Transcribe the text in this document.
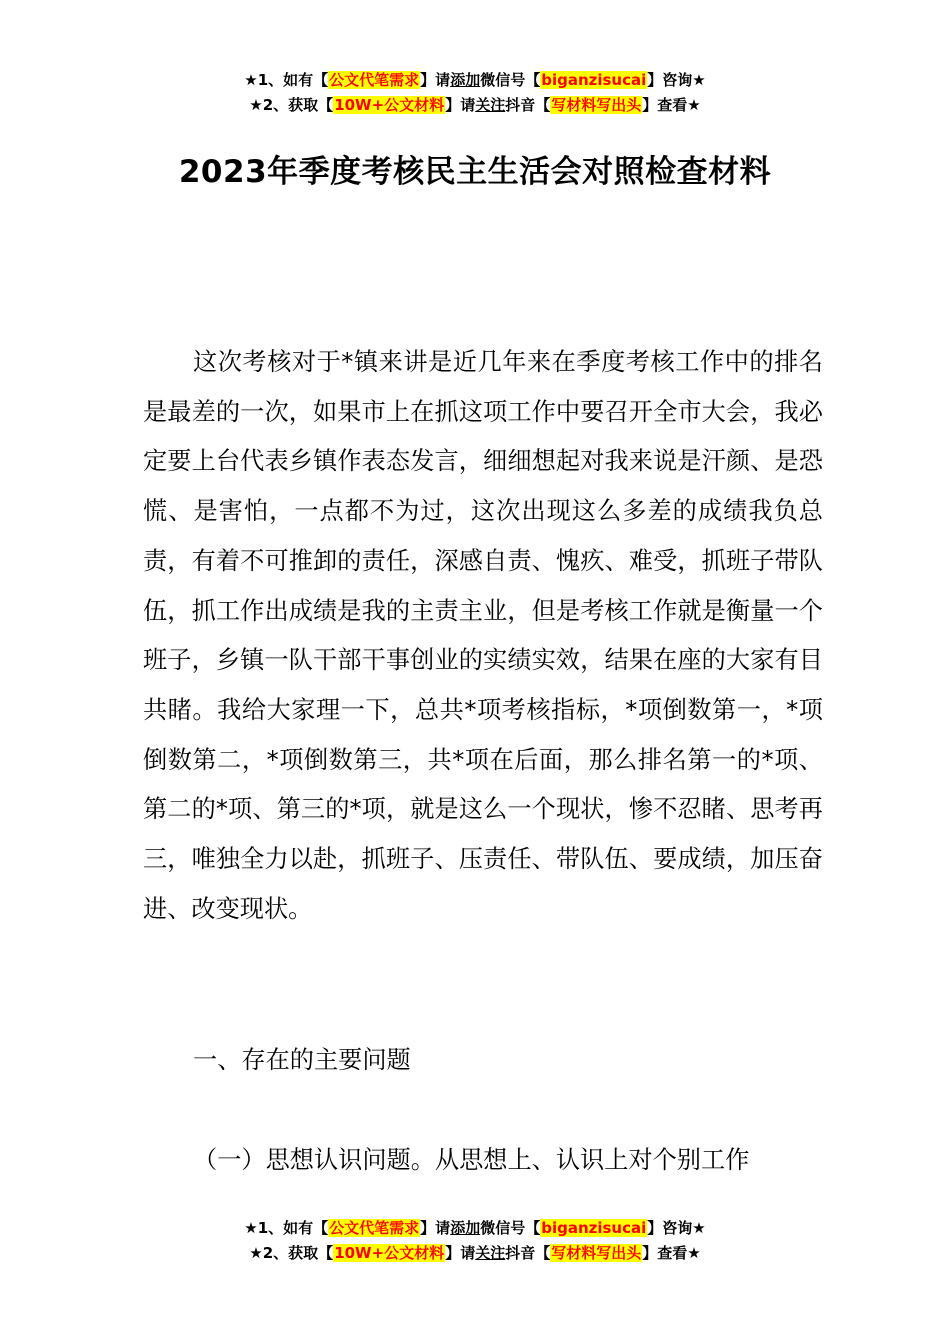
★1、如有【公文代笔需求】请添加微信号【biganzisucai】咨询★
★2、获取【10W+公文材料】请关注抖音【写材料写出头】查看★
2023年季度考核民主生活会对照检查材料
这次考核对于*镇来讲是近几年来在季度考核工作中的排名是最差的一次，如果市上在抓这项工作中要召开全市大会，我必定要上台代表乡镇作表态发言，细细想起对我来说是汗颜、是恐慌、是害怕，一点都不为过，这次出现这么多差的成绩我负总责，有着不可推卸的责任，深感自责、愧疚、难受，抓班子带队伍，抓工作出成绩是我的主责主业，但是考核工作就是衡量一个班子，乡镇一队干部干事创业的实绩实效，结果在座的大家有目共睹。我给大家理一下，总共*项考核指标，*项倒数第一，*项倒数第二，*项倒数第三，共*项在后面，那么排名第一的*项、第二的*项、第三的*项，就是这么一个现状，惨不忍睹、思考再三，唯独全力以赴，抓班子、压责任、带队伍、要成绩，加压奋进、改变现状。
一、存在的主要问题
（一）思想认识问题。从思想上、认识上对个别工作
★1、如有【公文代笔需求】请添加微信号【biganzisucai】咨询★
★2、获取【10W+公文材料】请关注抖音【写材料写出头】查看★
